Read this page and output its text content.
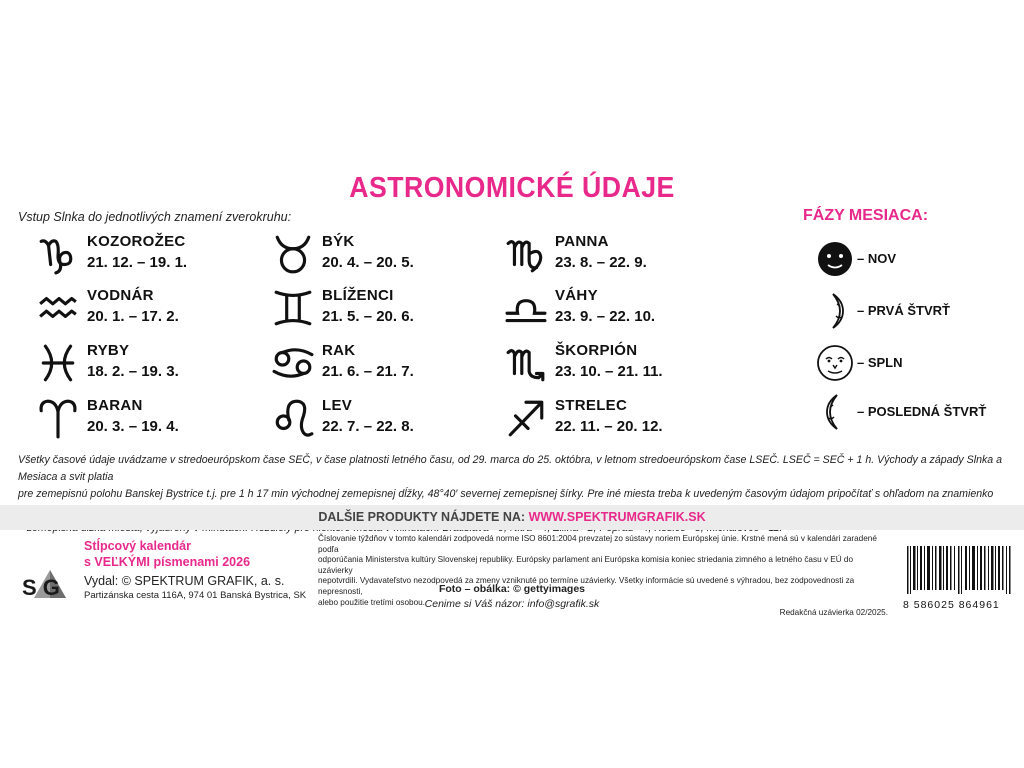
ASTRONOMICKÉ ÚDAJE
Vstup Slnka do jednotlivých znamení zverokruhu:
KOZOROŽEC
21. 12. – 19. 1.
VODNÁR
20. 1. – 17. 2.
RYBY
18. 2. – 19. 3.
BARAN
20. 3. – 19. 4.
BÝK
20. 4. – 20. 5.
BLÍŽENCI
21. 5. – 20. 6.
RAK
21. 6. – 21. 7.
LEV
22. 7. – 22. 8.
PANNA
23. 8. – 22. 9.
VÁHY
23. 9. – 22. 10.
ŠKORPIÓN
23. 10. – 21. 11.
STRELEC
22. 11. – 20. 12.
FÁZY MESIACA:
– NOV
– PRVÁ ŠTVRŤ
– SPLN
– POSLEDNÁ ŠTVRŤ
Všetky časové údaje uvádzame v stredoeurópskom čase SEČ, v čase platnosti letného času, od 29. marca do 25. októbra, v letnom stredoeurópskom čase LSEČ. LSEČ = SEČ + 1 h. Východy a západy Slnka a Mesiaca a svit platia
pre zemepisnú polohu Banskej Bystrice t.j. pre 1 h 17 min východnej zemepisnej dĺžky, 48°40′ severnej zemepisnej šírky. Pre iné miesta treba k uvedeným časovým údajom pripočítať s ohľadom na znamienko
DALŠIE PRODUKTY NÁJDETE NA: WWW.SPEKTRUMGRAFIK.SK
Stĺpcový kalendár
s VEĽKÝMI písmenami 2026
S G Vydal: © SPEKTRUM GRAFIK, a. s.
Partizánska cesta 116A, 974 01 Banská Bystrica, SK
Číslovanie týždňov v tomto kalendári zodpovedá norme ISO 8601:2004 prevzatej zo sústavy noriem Európskej únie. Krstné mená sú v kalendári zaradené podľa
odporúčania Ministerstva kultúry Slovenskej republiky. Európsky parlament ani Európska komisia koniec striedania zimného a letného času v EÚ do uzávierky
nepotvrdili. Vydavateľstvo nezodpovedá za zmeny vzniknuté po termíne uzávierky. Všetky informácie sú uvedené s výhradou, bez zodpovednosti za nepresnosti,
alebo použitie tretími osobou.
Redakčná uzávierka 02/2025.
Foto – obálka: © gettyimages
Cenime si Váš názor: info@sgrafik.sk	8 586025 864961
